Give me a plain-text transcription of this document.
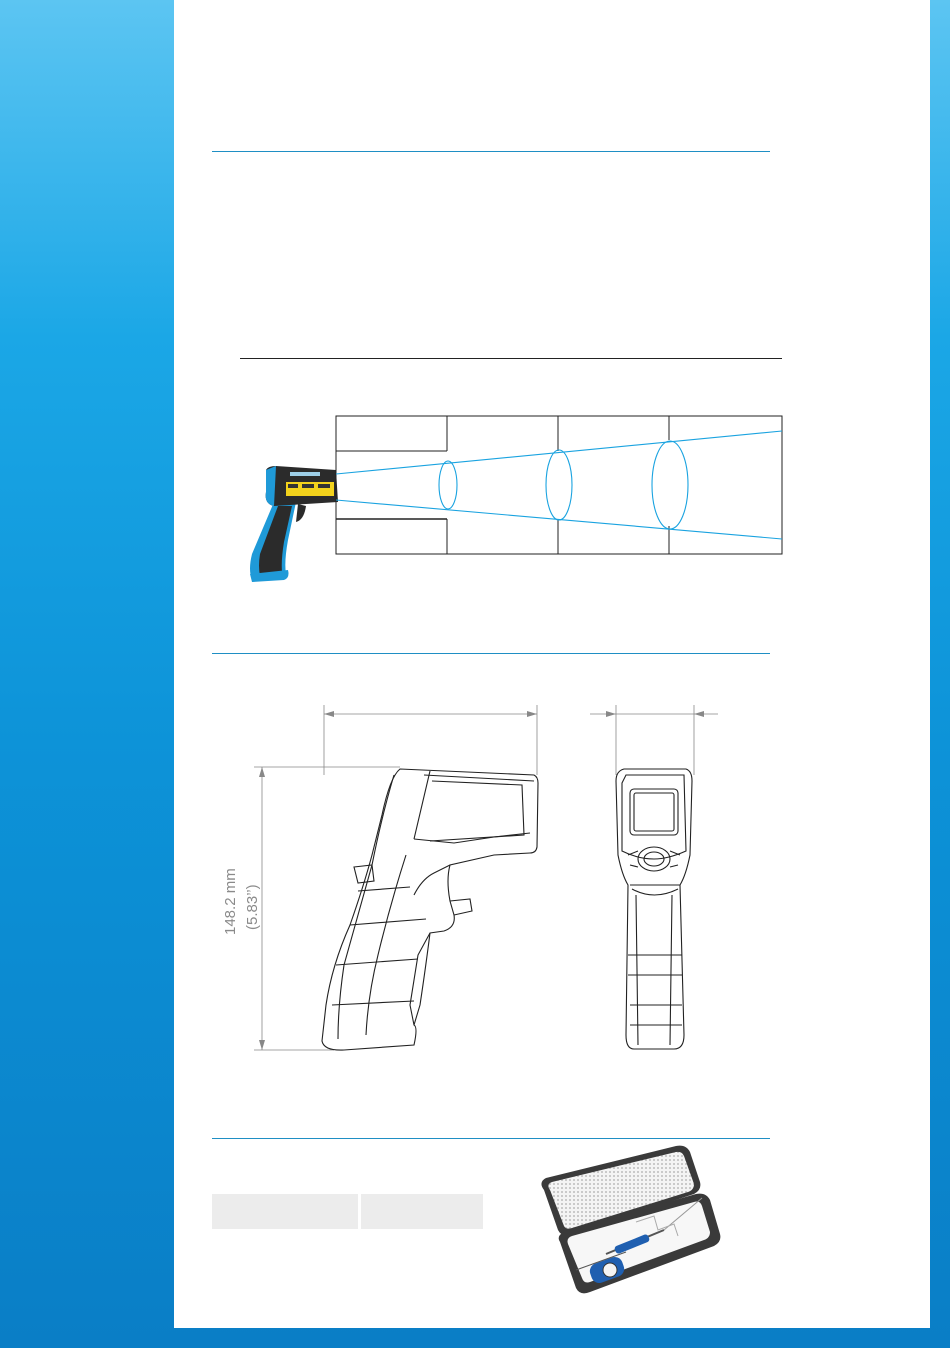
148.2 mm (5.83’’)
